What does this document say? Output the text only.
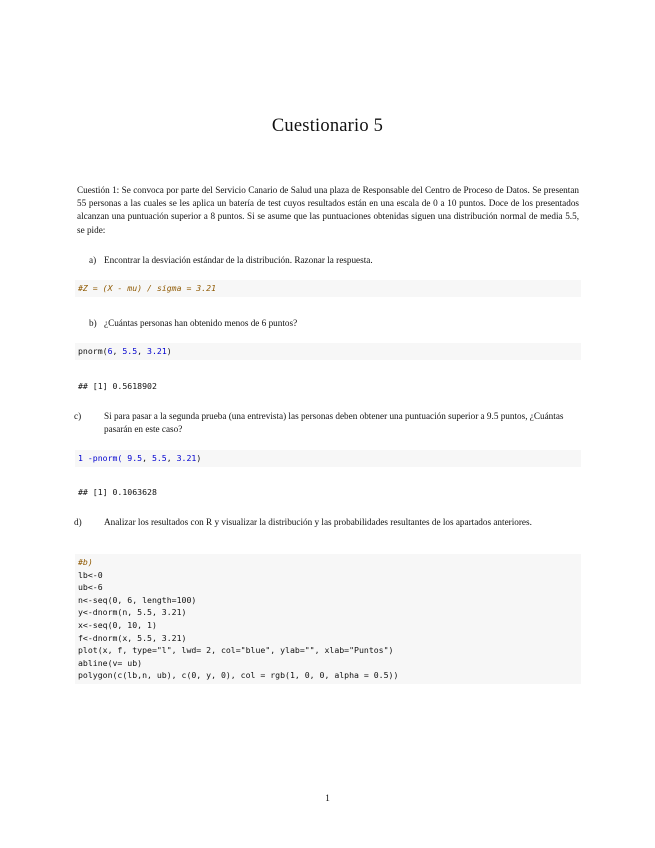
Cuestionario 5
Cuestión 1: Se convoca por parte del Servicio Canario de Salud una plaza de Responsable del Centro de Proceso de Datos. Se presentan 55 personas a las cuales se les aplica un batería de test cuyos resultados están en una escala de 0 a 10 puntos. Doce de los presentados alcanzan una puntuación superior a 8 puntos. Si se asume que las puntuaciones obtenidas siguen una distribución normal de media 5.5, se pide:
a) Encontrar la desviación estándar de la distribución. Razonar la respuesta.
#Z = (X - mu) / sigma = 3.21
b) ¿Cuántas personas han obtenido menos de 6 puntos?
pnorm(6, 5.5, 3.21)
## [1] 0.5618902
c) Si para pasar a la segunda prueba (una entrevista) las personas deben obtener una puntuación superior a 9.5 puntos, ¿Cuántas pasarán en este caso?
1 -pnorm( 9.5, 5.5, 3.21)
## [1] 0.1063628
d) Analizar los resultados con R y visualizar la distribución y las probabilidades resultantes de los apartados anteriores.
#b)
lb<-0
ub<-6
n<-seq(0, 6, length=100)
y<-dnorm(n, 5.5, 3.21)
x<-seq(0, 10, 1)
f<-dnorm(x, 5.5, 3.21)
plot(x, f, type="l", lwd= 2, col="blue", ylab="", xlab="Puntos")
abline(v= ub)
polygon(c(lb,n, ub), c(0, y, 0), col = rgb(1, 0, 0, alpha = 0.5))
1
